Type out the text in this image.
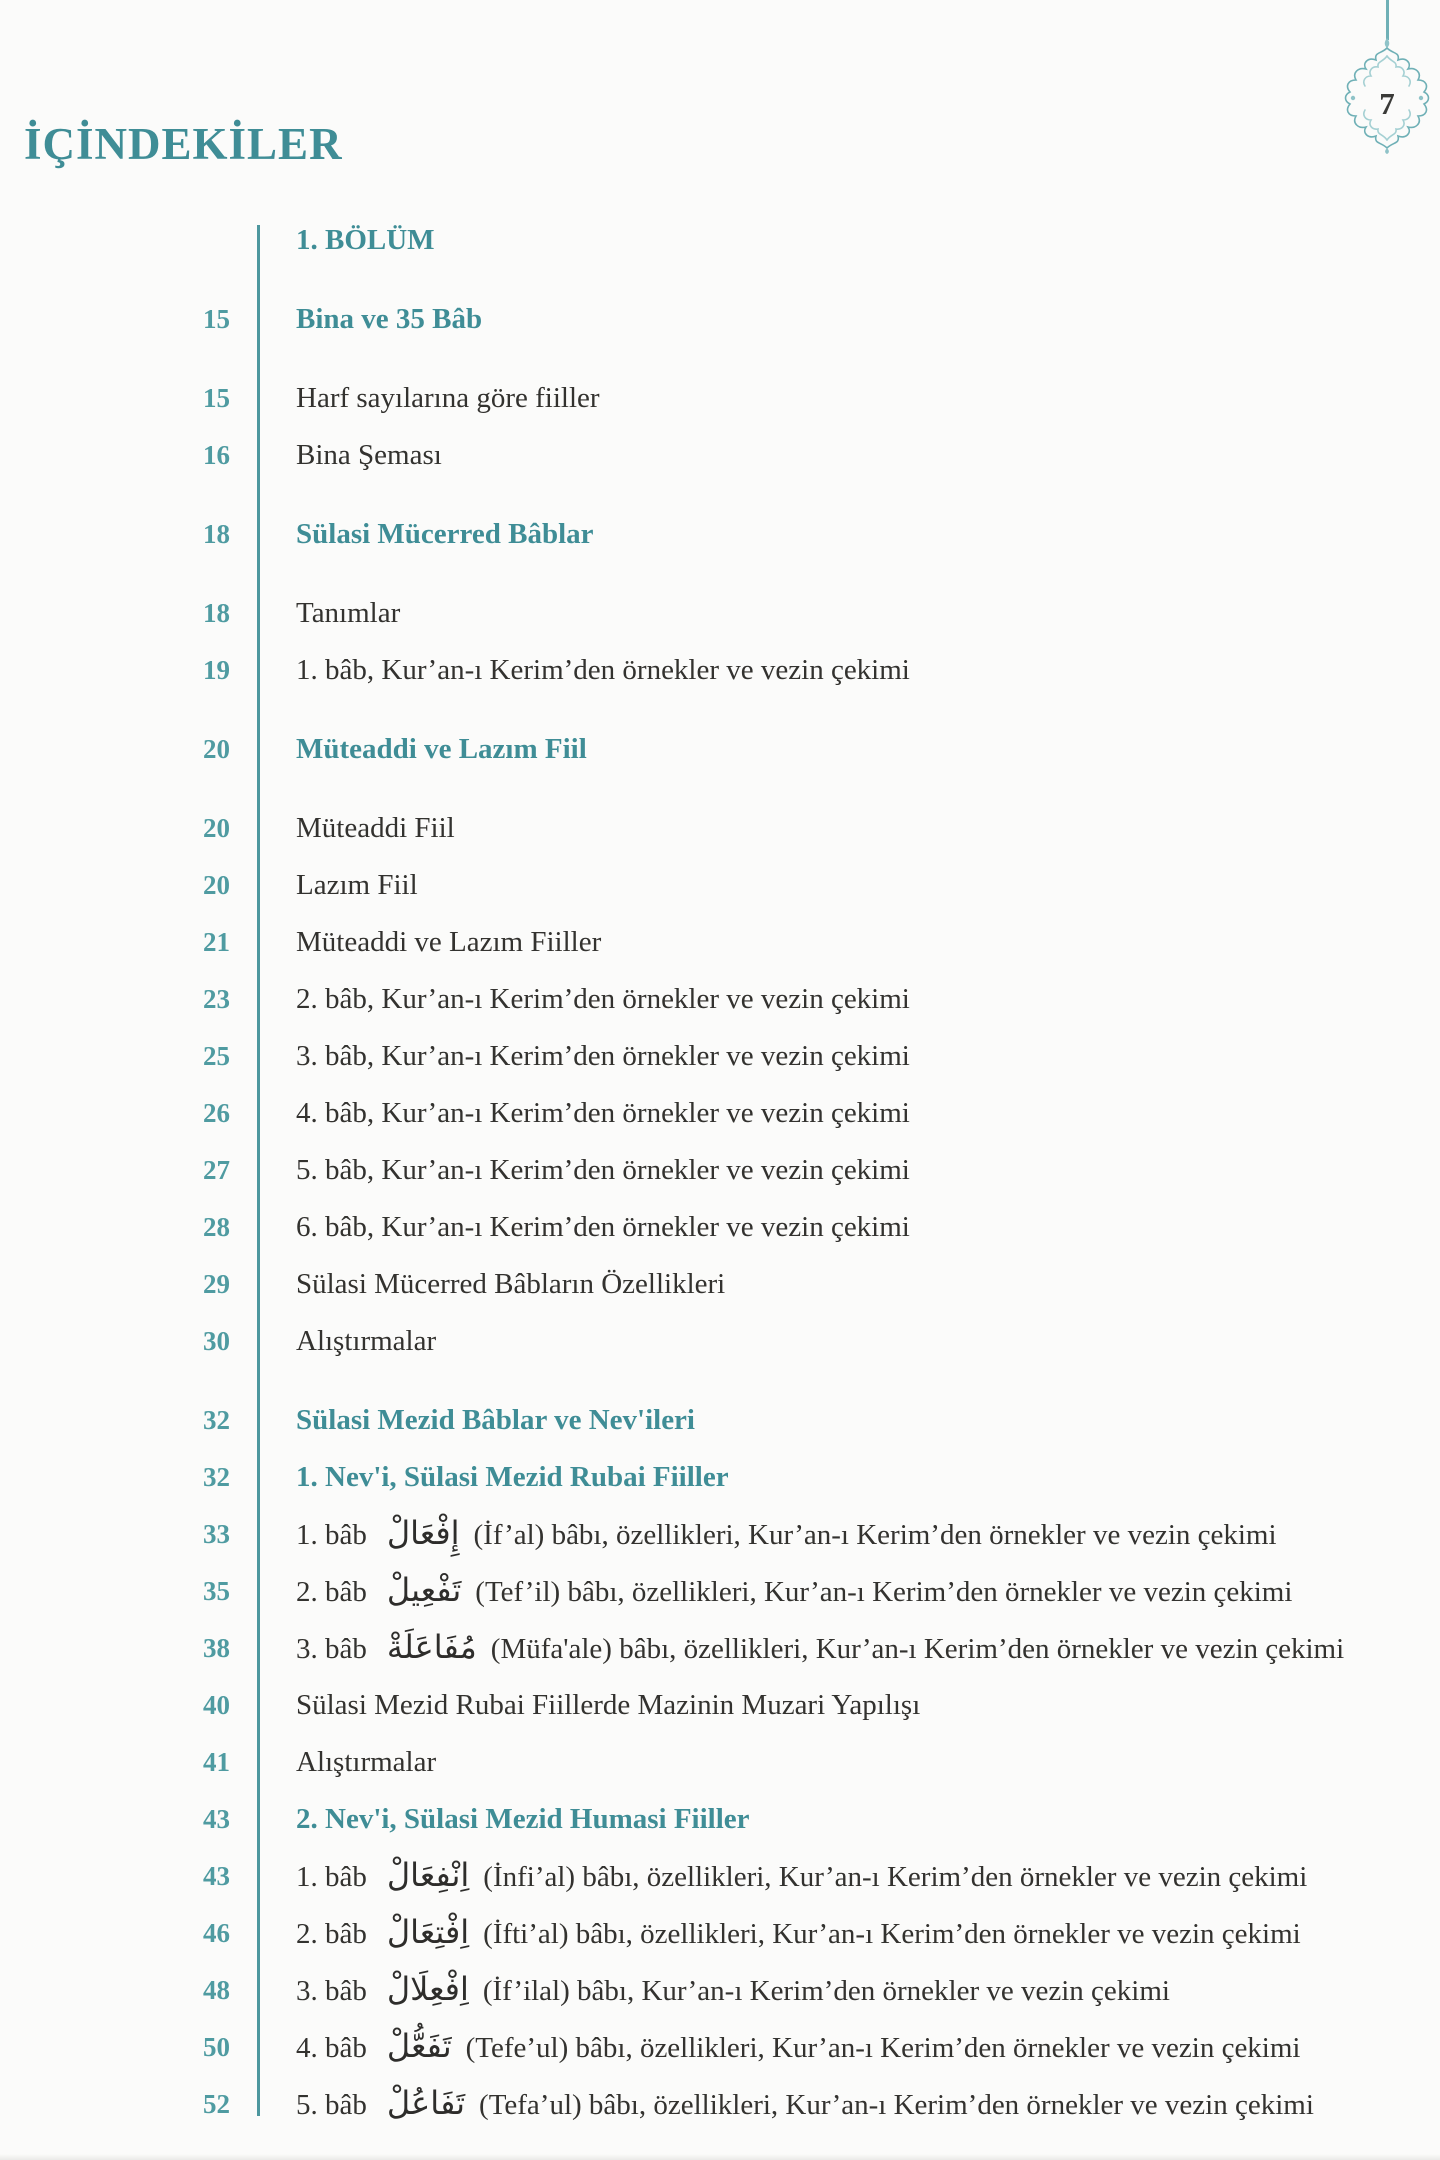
İÇİNDEKİLER
7
1. BÖLÜM
15 Bina ve 35 Bâb
15 Harf sayılarına göre fiiller
16 Bina Şeması
18 Sülasi Mücerred Bâblar
18 Tanımlar
19 1. bâb, Kur’an-ı Kerim’den örnekler ve vezin çekimi
20 Müteaddi ve Lazım Fiil
20 Müteaddi Fiil
20 Lazım Fiil
21 Müteaddi ve Lazım Fiiller
23 2. bâb, Kur’an-ı Kerim’den örnekler ve vezin çekimi
25 3. bâb, Kur’an-ı Kerim’den örnekler ve vezin çekimi
26 4. bâb, Kur’an-ı Kerim’den örnekler ve vezin çekimi
27 5. bâb, Kur’an-ı Kerim’den örnekler ve vezin çekimi
28 6. bâb, Kur’an-ı Kerim’den örnekler ve vezin çekimi
29 Sülasi Mücerred Bâbların Özellikleri
30 Alıştırmalar
32 Sülasi Mezid Bâblar ve Nev'ileri
32 1. Nev'i, Sülasi Mezid Rubai Fiiller
33 1. bâb إِفْعَالْ (İf’al) bâbı, özellikleri, Kur’an-ı Kerim’den örnekler ve vezin çekimi
35 2. bâb تَفْعِيلْ (Tef’il) bâbı, özellikleri, Kur’an-ı Kerim’den örnekler ve vezin çekimi
38 3. bâb مُفَاعَلَةْ (Müfa'ale) bâbı, özellikleri, Kur’an-ı Kerim’den örnekler ve vezin çekimi
40 Sülasi Mezid Rubai Fiillerde Mazinin Muzari Yapılışı
41 Alıştırmalar
43 2. Nev'i, Sülasi Mezid Humasi Fiiller
43 1. bâb اِنْفِعَالْ (İnfi’al) bâbı, özellikleri, Kur’an-ı Kerim’den örnekler ve vezin çekimi
46 2. bâb اِفْتِعَالْ (İfti’al) bâbı, özellikleri, Kur’an-ı Kerim’den örnekler ve vezin çekimi
48 3. bâb اِفْعِلَالْ (İf’ilal) bâbı, Kur’an-ı Kerim’den örnekler ve vezin çekimi
50 4. bâb تَفَعُّلْ (Tefe’ul) bâbı, özellikleri, Kur’an-ı Kerim’den örnekler ve vezin çekimi
52 5. bâb تَفَاعُلْ (Tefa’ul) bâbı, özellikleri, Kur’an-ı Kerim’den örnekler ve vezin çekimi
